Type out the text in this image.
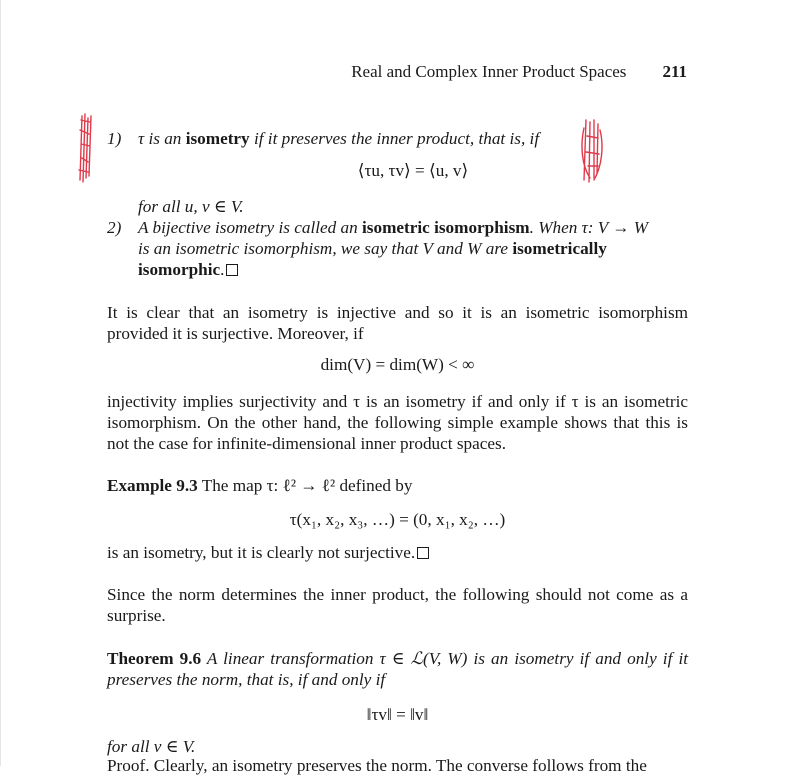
Real and Complex Inner Product Spaces 211
1) τ is an isometry if it preserves the inner product, that is, if
⟨τu, τv⟩ = ⟨u, v⟩
for all u, v ∈ V.
2) A bijective isometry is called an isometric isomorphism. When τ: V → W
is an isometric isomorphism, we say that V and W are isometrically
isomorphic.
It is clear that an isometry is injective and so it is an isometric isomorphism provided it is surjective. Moreover, if
dim(V) = dim(W) < ∞
injectivity implies surjectivity and τ is an isometry if and only if τ is an isometric isomorphism. On the other hand, the following simple example shows that this is not the case for infinite-dimensional inner product spaces.
Example 9.3 The map τ: ℓ² → ℓ² defined by
τ(x₁, x₂, x₃, …) = (0, x₁, x₂, …)
is an isometry, but it is clearly not surjective.
Since the norm determines the inner product, the following should not come as a surprise.
Theorem 9.6 A linear transformation τ ∈ ℒ(V, W) is an isometry if and only if it preserves the norm, that is, if and only if
‖τv‖ = ‖v‖
for all v ∈ V.
Proof. Clearly, an isometry preserves the norm. The converse follows from the
